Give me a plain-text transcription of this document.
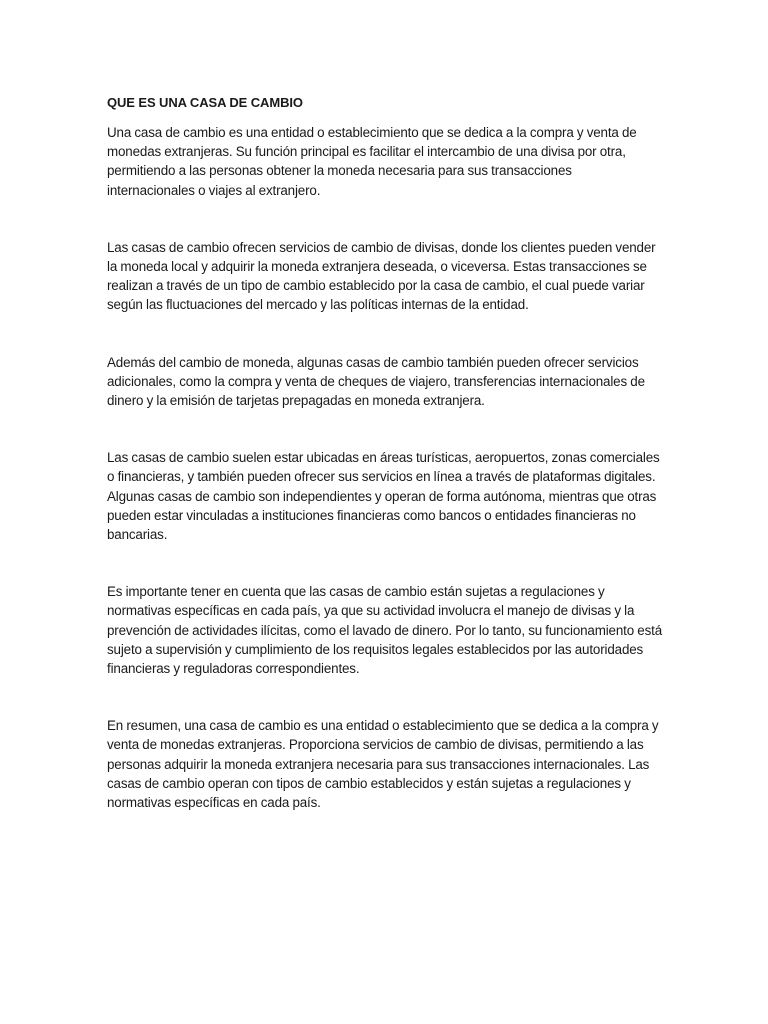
QUE ES UNA CASA DE CAMBIO

Una casa de cambio es una entidad o establecimiento que se dedica a la compra y venta de monedas extranjeras. Su función principal es facilitar el intercambio de una divisa por otra, permitiendo a las personas obtener la moneda necesaria para sus transacciones internacionales o viajes al extranjero.

Las casas de cambio ofrecen servicios de cambio de divisas, donde los clientes pueden vender la moneda local y adquirir la moneda extranjera deseada, o viceversa. Estas transacciones se realizan a través de un tipo de cambio establecido por la casa de cambio, el cual puede variar según las fluctuaciones del mercado y las políticas internas de la entidad.

Además del cambio de moneda, algunas casas de cambio también pueden ofrecer servicios adicionales, como la compra y venta de cheques de viajero, transferencias internacionales de dinero y la emisión de tarjetas prepagadas en moneda extranjera.

Las casas de cambio suelen estar ubicadas en áreas turísticas, aeropuertos, zonas comerciales o financieras, y también pueden ofrecer sus servicios en línea a través de plataformas digitales. Algunas casas de cambio son independientes y operan de forma autónoma, mientras que otras pueden estar vinculadas a instituciones financieras como bancos o entidades financieras no bancarias.

Es importante tener en cuenta que las casas de cambio están sujetas a regulaciones y normativas específicas en cada país, ya que su actividad involucra el manejo de divisas y la prevención de actividades ilícitas, como el lavado de dinero. Por lo tanto, su funcionamiento está sujeto a supervisión y cumplimiento de los requisitos legales establecidos por las autoridades financieras y reguladoras correspondientes.

En resumen, una casa de cambio es una entidad o establecimiento que se dedica a la compra y venta de monedas extranjeras. Proporciona servicios de cambio de divisas, permitiendo a las personas adquirir la moneda extranjera necesaria para sus transacciones internacionales. Las casas de cambio operan con tipos de cambio establecidos y están sujetas a regulaciones y normativas específicas en cada país.
